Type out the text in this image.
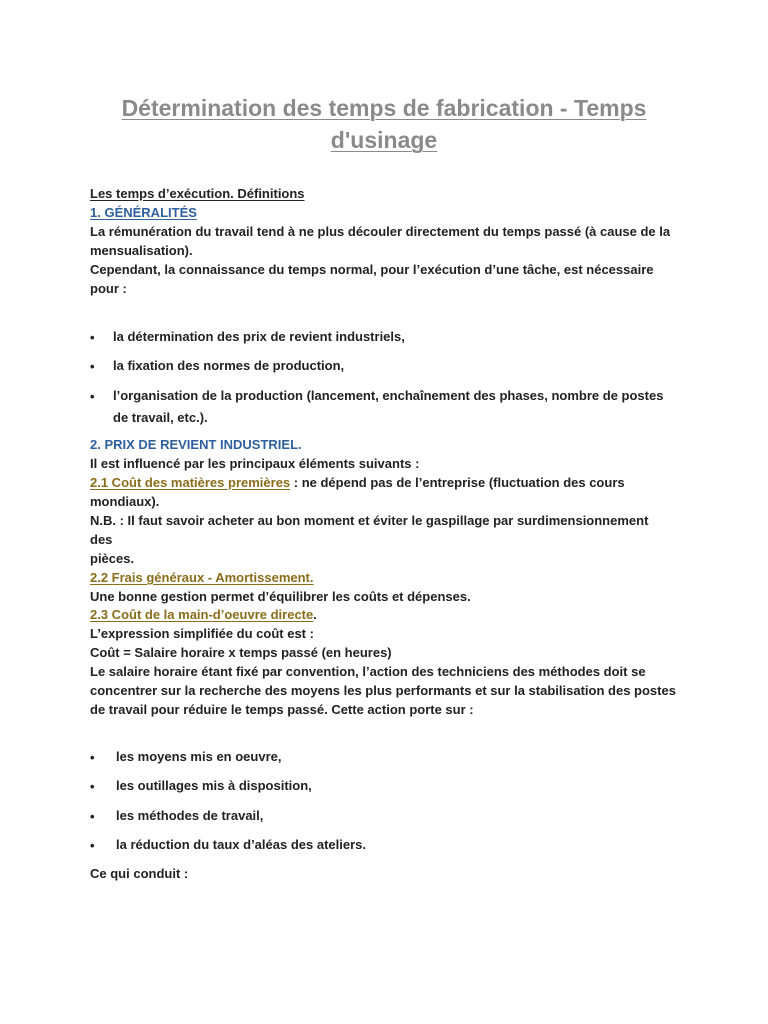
Détermination des temps de fabrication - Temps
d'usinage
Les temps d’exécution. Définitions
1. GÉNÉRALITÉS
La rémunération du travail tend à ne plus découler directement du temps passé (à cause de la
mensualisation).
Cependant, la connaissance du temps normal, pour l’exécution d’une tâche, est nécessaire
pour :
• la détermination des prix de revient industriels,
• la fixation des normes de production,
• l’organisation de la production (lancement, enchaînement des phases, nombre de postes
de travail, etc.).
2. PRIX DE REVIENT INDUSTRIEL.
Il est influencé par les principaux éléments suivants :
2.1 Coût des matières premières : ne dépend pas de l’entreprise (fluctuation des cours
mondiaux).
N.B. : Il faut savoir acheter au bon moment et éviter le gaspillage par surdimensionnement
des
pièces.
2.2 Frais généraux - Amortissement.
Une bonne gestion permet d’équilibrer les coûts et dépenses.
2.3 Coût de la main-d’oeuvre directe.
L’expression simplifiée du coût est :
Coût = Salaire horaire x temps passé (en heures)
Le salaire horaire étant fixé par convention, l’action des techniciens des méthodes doit se
concentrer sur la recherche des moyens les plus performants et sur la stabilisation des postes
de travail pour réduire le temps passé. Cette action porte sur :
• les moyens mis en oeuvre,
• les outillages mis à disposition,
• les méthodes de travail,
• la réduction du taux d’aléas des ateliers.
Ce qui conduit :
